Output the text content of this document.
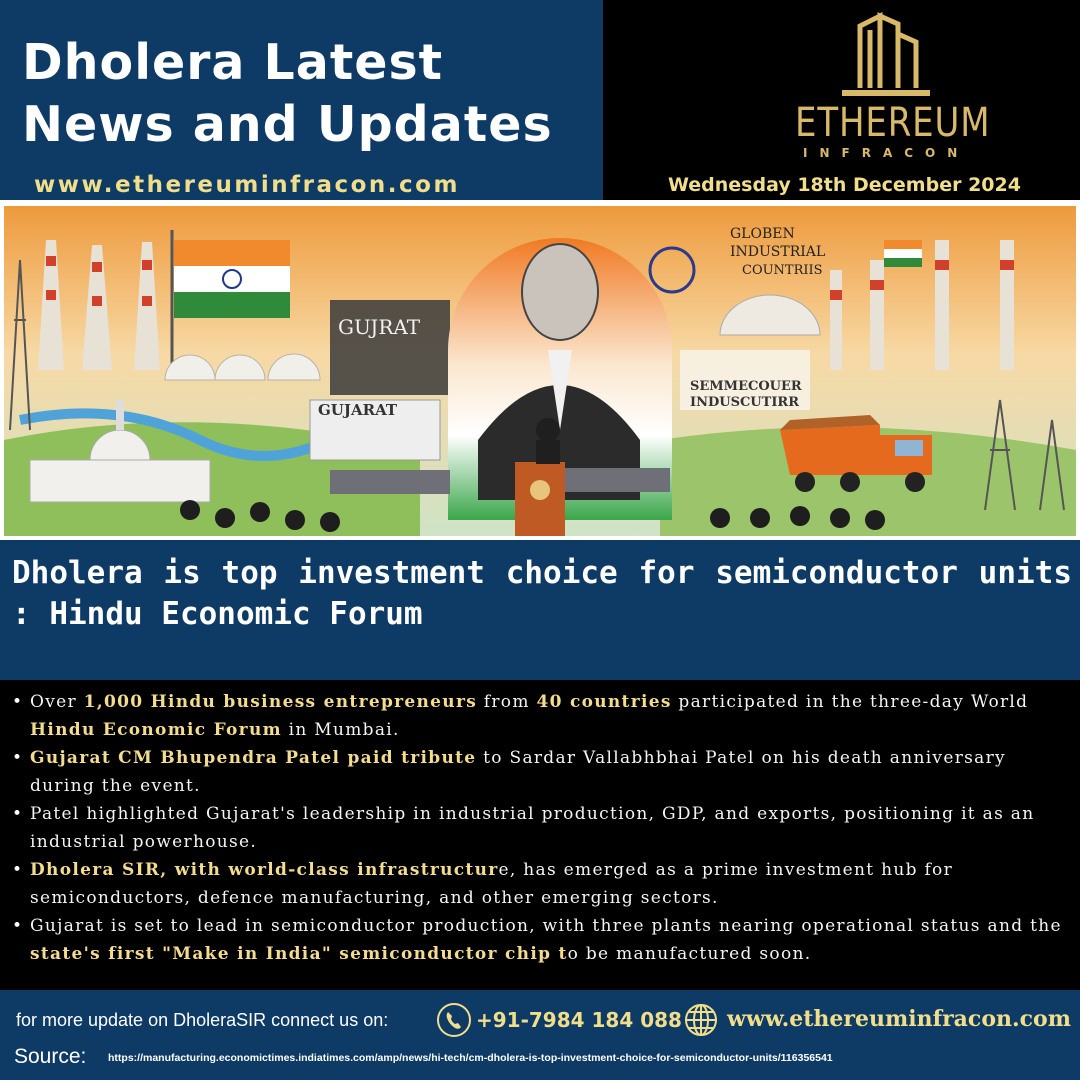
Dholera Latest
News and Updates
www.ethereuminfracon.com
ETHEREUM
INFRACON
Wednesday 18th December 2024
GUJRAT
GUJARAT
GLOBEN
INDUSTRIAL
COUNTRIIS
SEMMECOUER
INDUSCUTIRR
Dholera is top investment choice for semiconductor units : Hindu Economic Forum
• Over 1,000 Hindu business entrepreneurs from 40 countries participated in the three-day World Hindu Economic Forum in Mumbai.
• Gujarat CM Bhupendra Patel paid tribute to Sardar Vallabhbhai Patel on his death anniversary during the event.
• Patel highlighted Gujarat's leadership in industrial production, GDP, and exports, positioning it as an industrial powerhouse.
• Dholera SIR, with world-class infrastructure, has emerged as a prime investment hub for semiconductors, defence manufacturing, and other emerging sectors.
• Gujarat is set to lead in semiconductor production, with three plants nearing operational status and the state's first "Make in India" semiconductor chip to be manufactured soon.
for more update on DholeraSIR connect us on:	+91-7984 184 088 www.ethereuminfracon.com
Source: https://manufacturing.economictimes.indiatimes.com/amp/news/hi-tech/cm-dholera-is-top-investment-choice-for-semiconductor-units/116356541
